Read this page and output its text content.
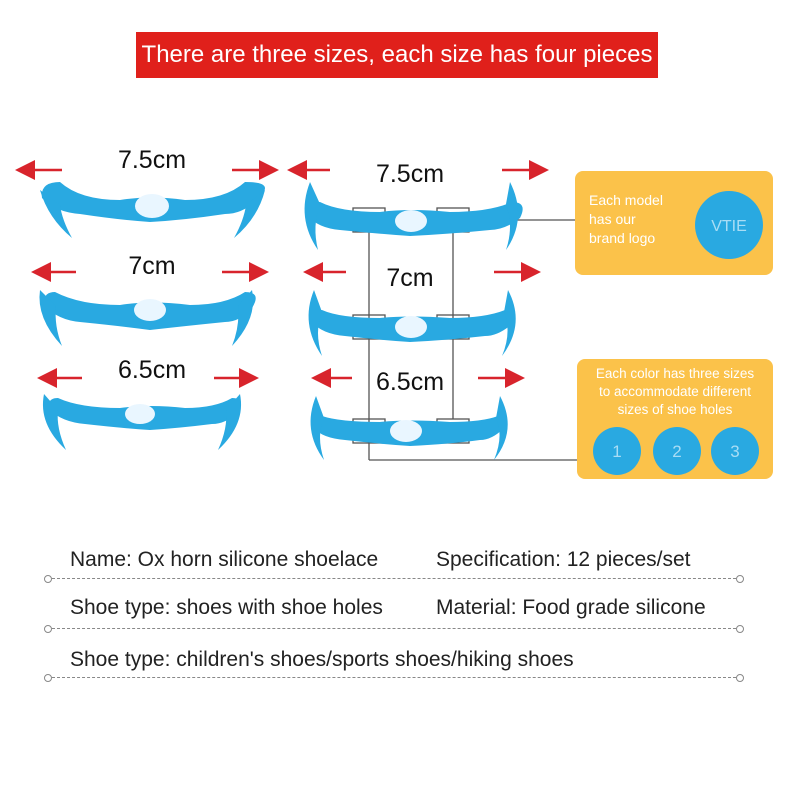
There are three sizes, each size has four pieces
7.5cm
7cm
6.5cm
7.5cm
7cm
6.5cm
Each model
has our
brand logo
VTIE
Each color has three sizes
to accommodate different
sizes of shoe holes
1	2	3
Name: Ox horn silicone shoelace	Specification: 12 pieces/set
Shoe type: shoes with shoe holes	Material: Food grade silicone
Shoe type: children's shoes/sports shoes/hiking shoes
